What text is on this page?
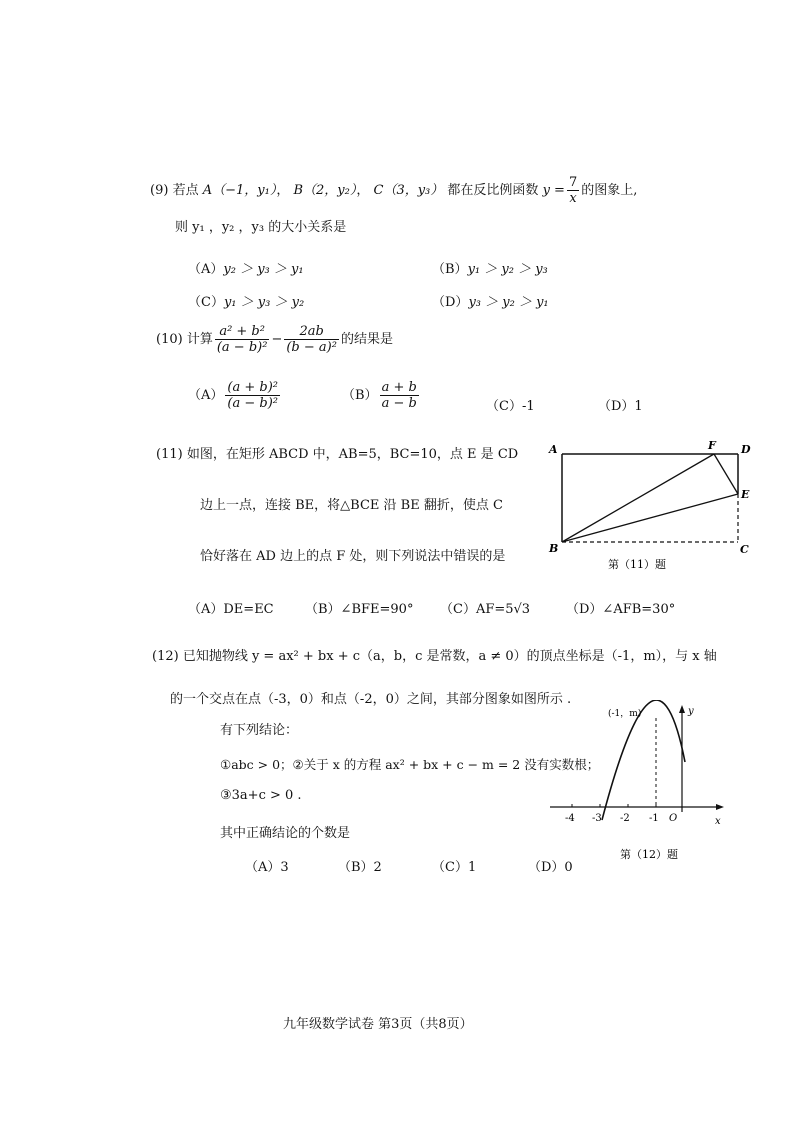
(9) 若点 A（−1，y₁）， B（2，y₂）， C（3，y₃） 都在反比例函数 $y = \frac{7}{x}$ 的图象上,
则 y₁ ，y₂ ，y₃ 的大小关系是
（A）y₂ ＞ y₃ ＞ y₁	（B）y₁ ＞ y₂ ＞ y₃
（C）y₁ ＞ y₃ ＞ y₂	（D）y₃ ＞ y₂ ＞ y₁
(10) 计算 $\frac{\text{a² + b²}}{\text{(a − b)²}} - \frac{2ab}{\text{(b − a)²}}$ 的结果是
$(A) \frac{\text{(a + b)²}}{\text{(a − b)²}}$	$(B) \frac{a + b}{a - b}$	（C）-1	（D）1
(11) 如图，在矩形 ABCD 中，AB=5，BC=10，点 E 是 CD
边上一点，连接 BE，将△BCE 沿 BE 翻折，使点 C
恰好落在 AD 边上的点 F 处，则下列说法中错误的是
（A）DE=EC （B）∠BFE=90° （C）AF=5√3	（D）∠AFB=30°
A	F D
E
B	C
第（11）题
(12) 已知抛物线 y = ax² + bx + c（a，b，c 是常数，a ≠ 0）的顶点坐标是（-1，m），与 x 轴
的一个交点在点（-3，0）和点（-2，0）之间，其部分图象如图所示 .
有下列结论：
①abc > 0；②关于 x 的方程 ax² + bx + c − m = 2 没有实数根；
③3a+c > 0 .
其中正确结论的个数是
（A）3	（B）2	（C）1	（D）0
-4 -3 -2 -1 O	x
y
(-1，m)
第（12）题
九年级数学试卷 第3页（共8页）
